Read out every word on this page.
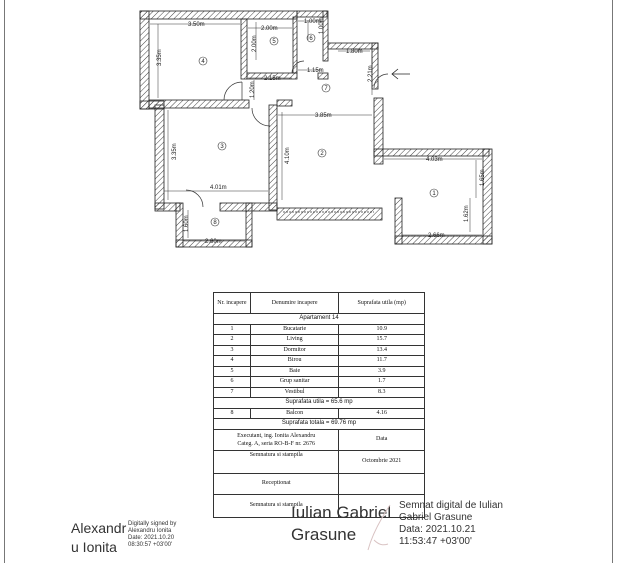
1
2
3
4
5	6
7
8
3.50m
2.00m
1.00m
1.80m
1.15m
2.15m
3.85m
4.03m
4.01m
2.60m
2.66m
3.35m
3.35m
2.00m
1.00m
2.21m
1.20m
4.10m
1.65m
1.62m
1.60m
Nr. incapere	Denumire incapere	Suprafata utila (mp)
Apartament 14		
1	Bucatarie	10.9
2	Living	15.7
3	Dormitor	13.4
4	Birou	11.7
5	Baie	3.9
6	Grup sanitar	1.7
7	Vestibul	8.3
Suprafata utila = 65.6 mp		
8	Balcon	4.16
Suprafata totala = 69.76 mp		

Executant, ing. Ionita Alexandru
Categ. A, seria RO-B-F nr. 2676		Data
Semnatura si stampila		Octombrie 2021
Receptionat		
Semnatura si stampila		
Alexandr
u Ionita
Digitally signed by
Alexandru Ionita
Date: 2021.10.20
08:30:57 +03'00'
Iulian Gabriel
Grasune
Semnat digital de Iulian
Gabriel Grasune
Data: 2021.10.21
11:53:47 +03'00'
